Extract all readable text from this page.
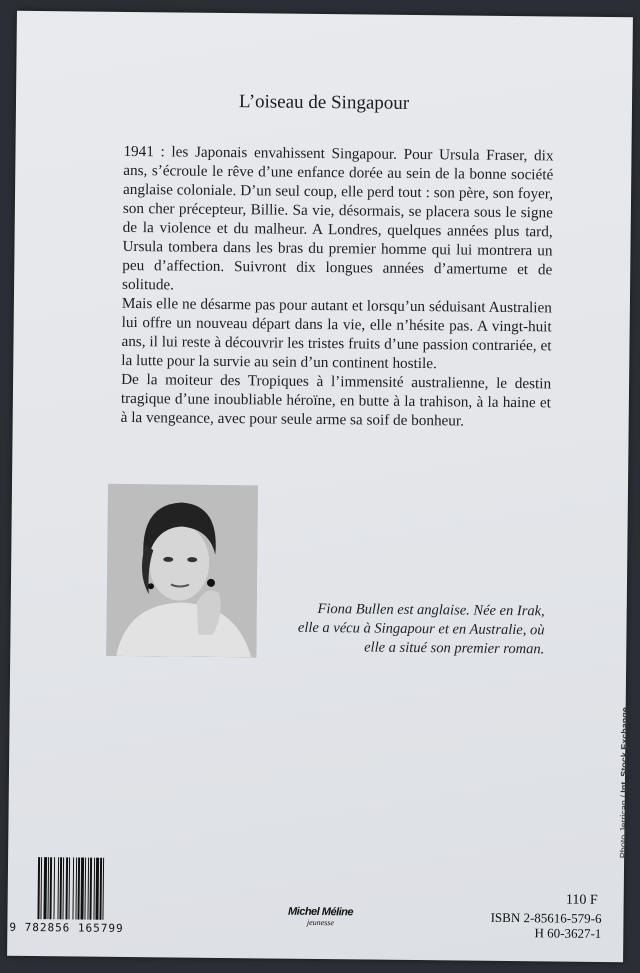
L’oiseau de Singapour

1941 : les Japonais envahissent Singapour. Pour Ursula Fraser, dix ans, s’écroule le rêve d’une enfance dorée au sein de la bonne société anglaise coloniale. D’un seul coup, elle perd tout : son père, son foyer, son cher précepteur, Billie. Sa vie, désormais, se placera sous le signe de la violence et du malheur. A Londres, quelques années plus tard, Ursula tombera dans les bras du premier homme qui lui montrera un peu d’affection. Suivront dix longues années d’amertume et de solitude.

Mais elle ne désarme pas pour autant et lorsqu’un séduisant Australien lui offre un nouveau départ dans la vie, elle n’hésite pas. A vingt-huit ans, il lui reste à découvrir les tristes fruits d’une passion contrariée, et la lutte pour la survie au sein d’un continent hostile.

De la moiteur des Tropiques à l’immensité australienne, le destin tragique d’une inoubliable héroïne, en butte à la trahison, à la haine et à la vengeance, avec pour seule arme sa soif de bonheur.

Fiona Bullen est anglaise. Née en Irak,

elle a vécu à Singapour et en Australie, où

elle a situé son premier roman.

Photo Jerrican / Int. Stock Exchange
9 782856 165799
Michel Méline
jeunesse
110 F
ISBN 2-85616-579-6
H 60-3627-1
